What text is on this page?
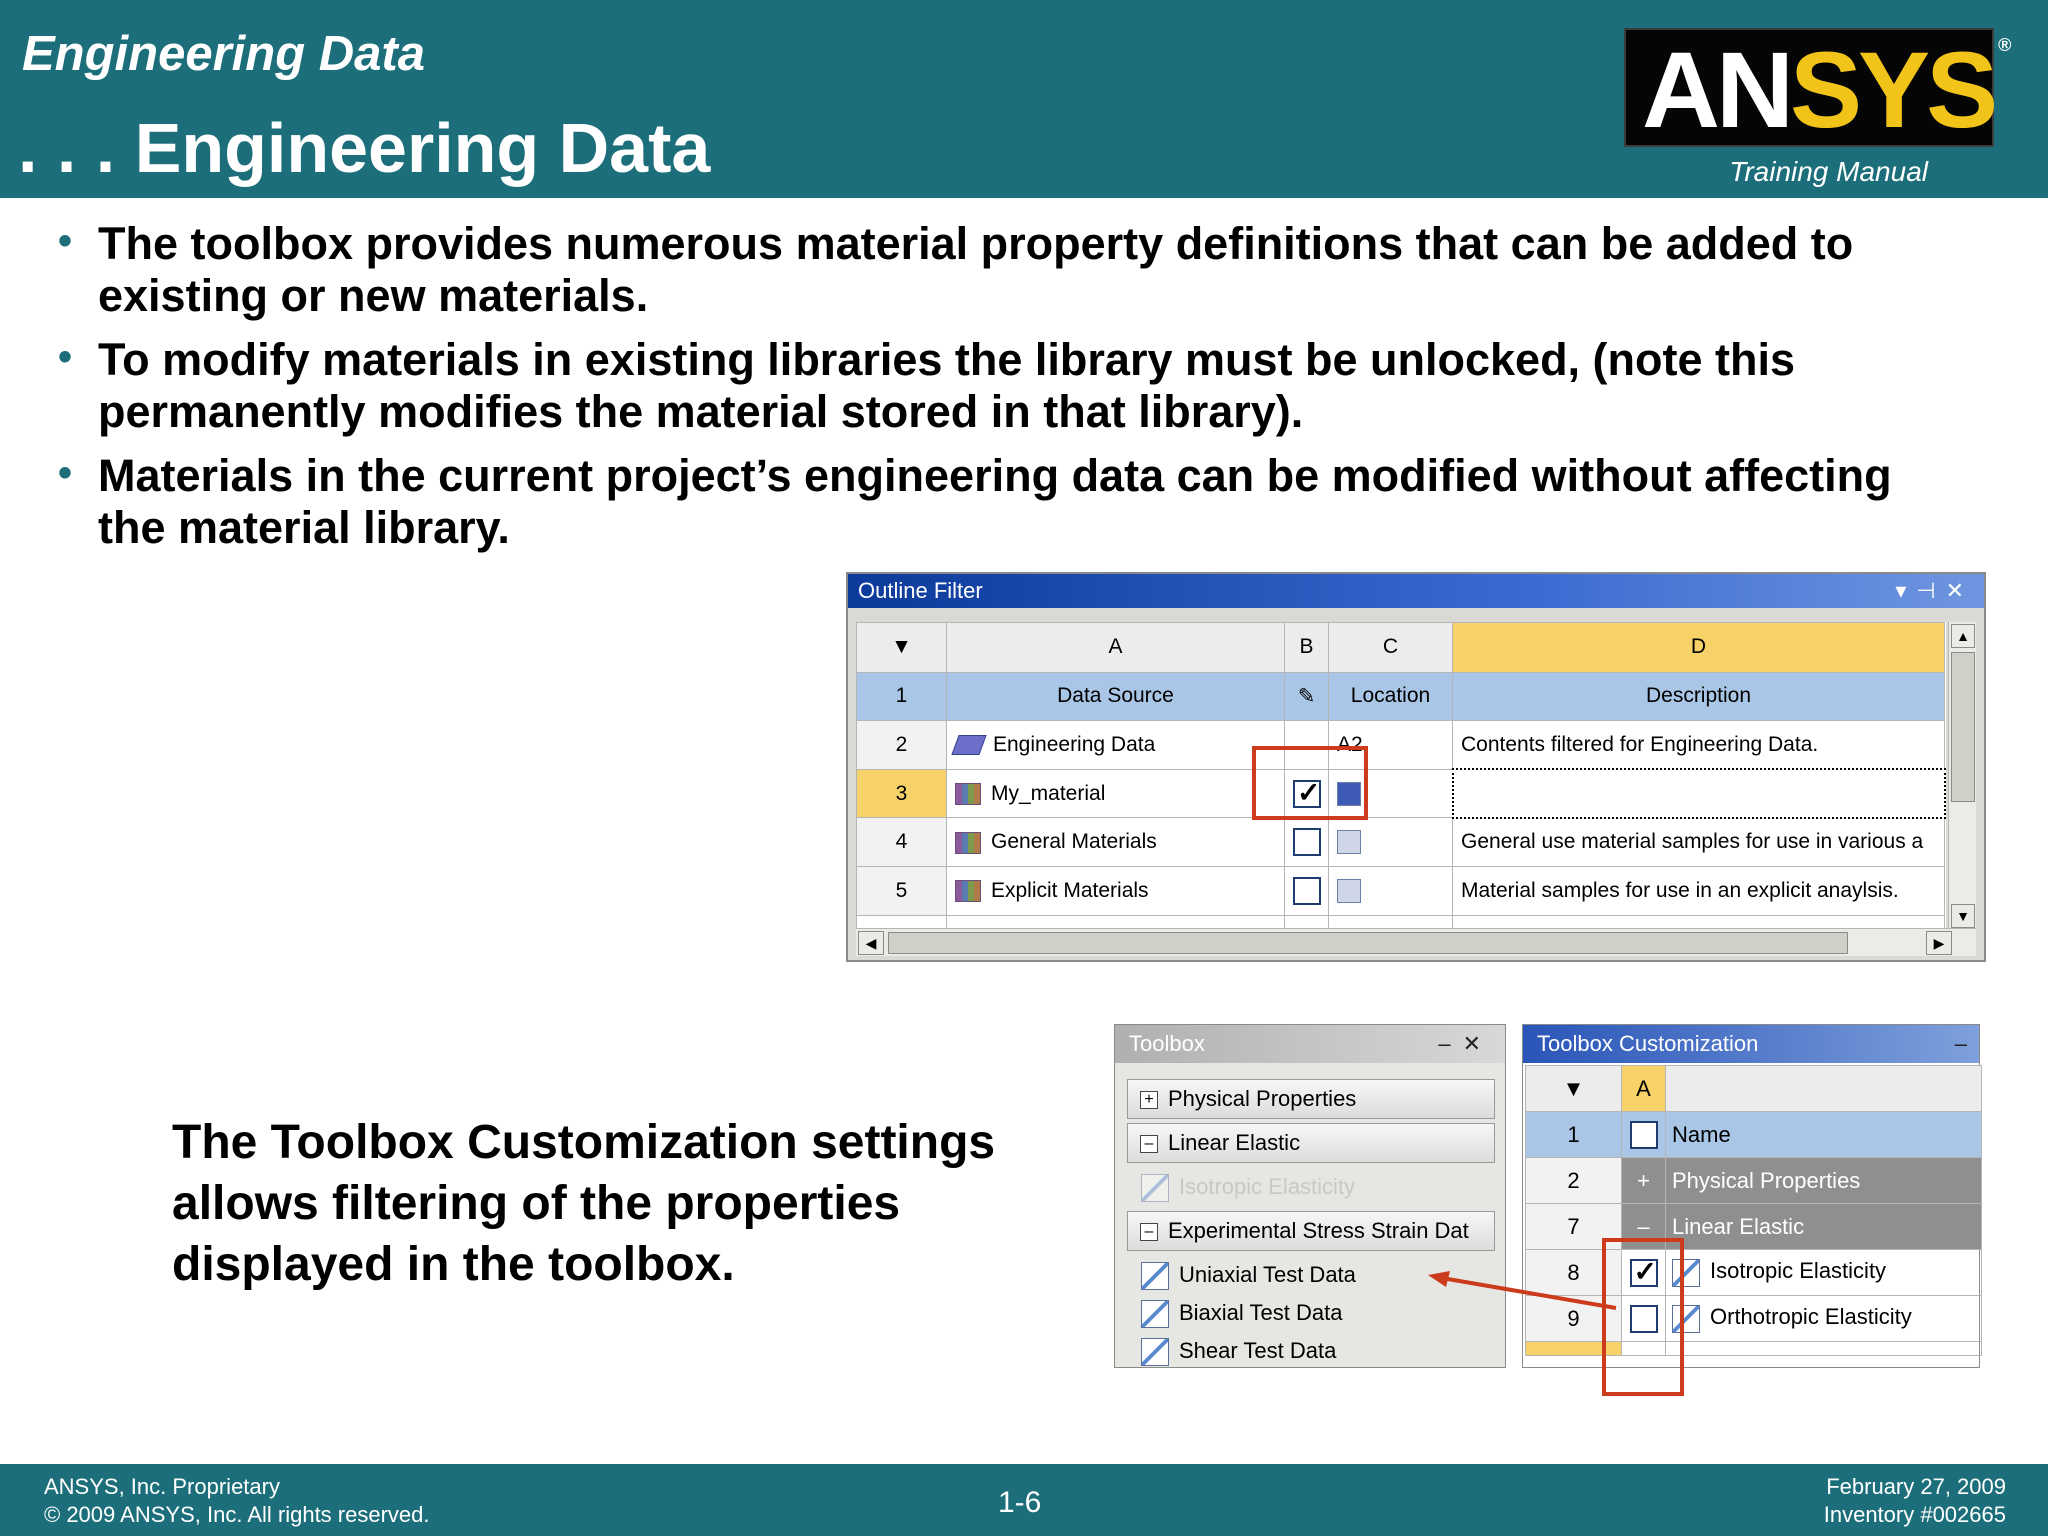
Engineering Data
. . . Engineering Data	ANSYS ®
Training Manual
• The toolbox provides numerous material property definitions that can be added to existing or new materials.
• To modify materials in existing libraries the library must be unlocked, (note this permanently modifies the material stored in that library).
• Materials in the current project’s engineering data can be modified without affecting the material library.
Outline Filter	▾⊣✕
▼	A	B	C	D
1	Data Source	✎	Location	Description
2	Engineering Data		A2	Contents filtered for Engineering Data.
3	My_material	✓		
4	General Materials			General use material samples for use in various a
5	Explicit Materials			Material samples for use in an explicit anaylsis.

▲
▼
◀	▶
The Toolbox Customization settings allows filtering of the properties displayed in the toolbox.
Toolbox	–✕
+ Physical Properties
– Linear Elastic
Isotropic Elasticity
– Experimental Stress Strain Dat
Uniaxial Test Data
Biaxial Test Data
Shear Test Data
Toolbox Customization	–
▼	A	
1		Name
2	+	Physical Properties
7	–	Linear Elastic
8	✓	Isotropic Elasticity
9		Orthotropic Elasticity

ANSYS, Inc. Proprietary
© 2009 ANSYS, Inc. All rights reserved.	1-6	February 27, 2009
Inventory #002665
